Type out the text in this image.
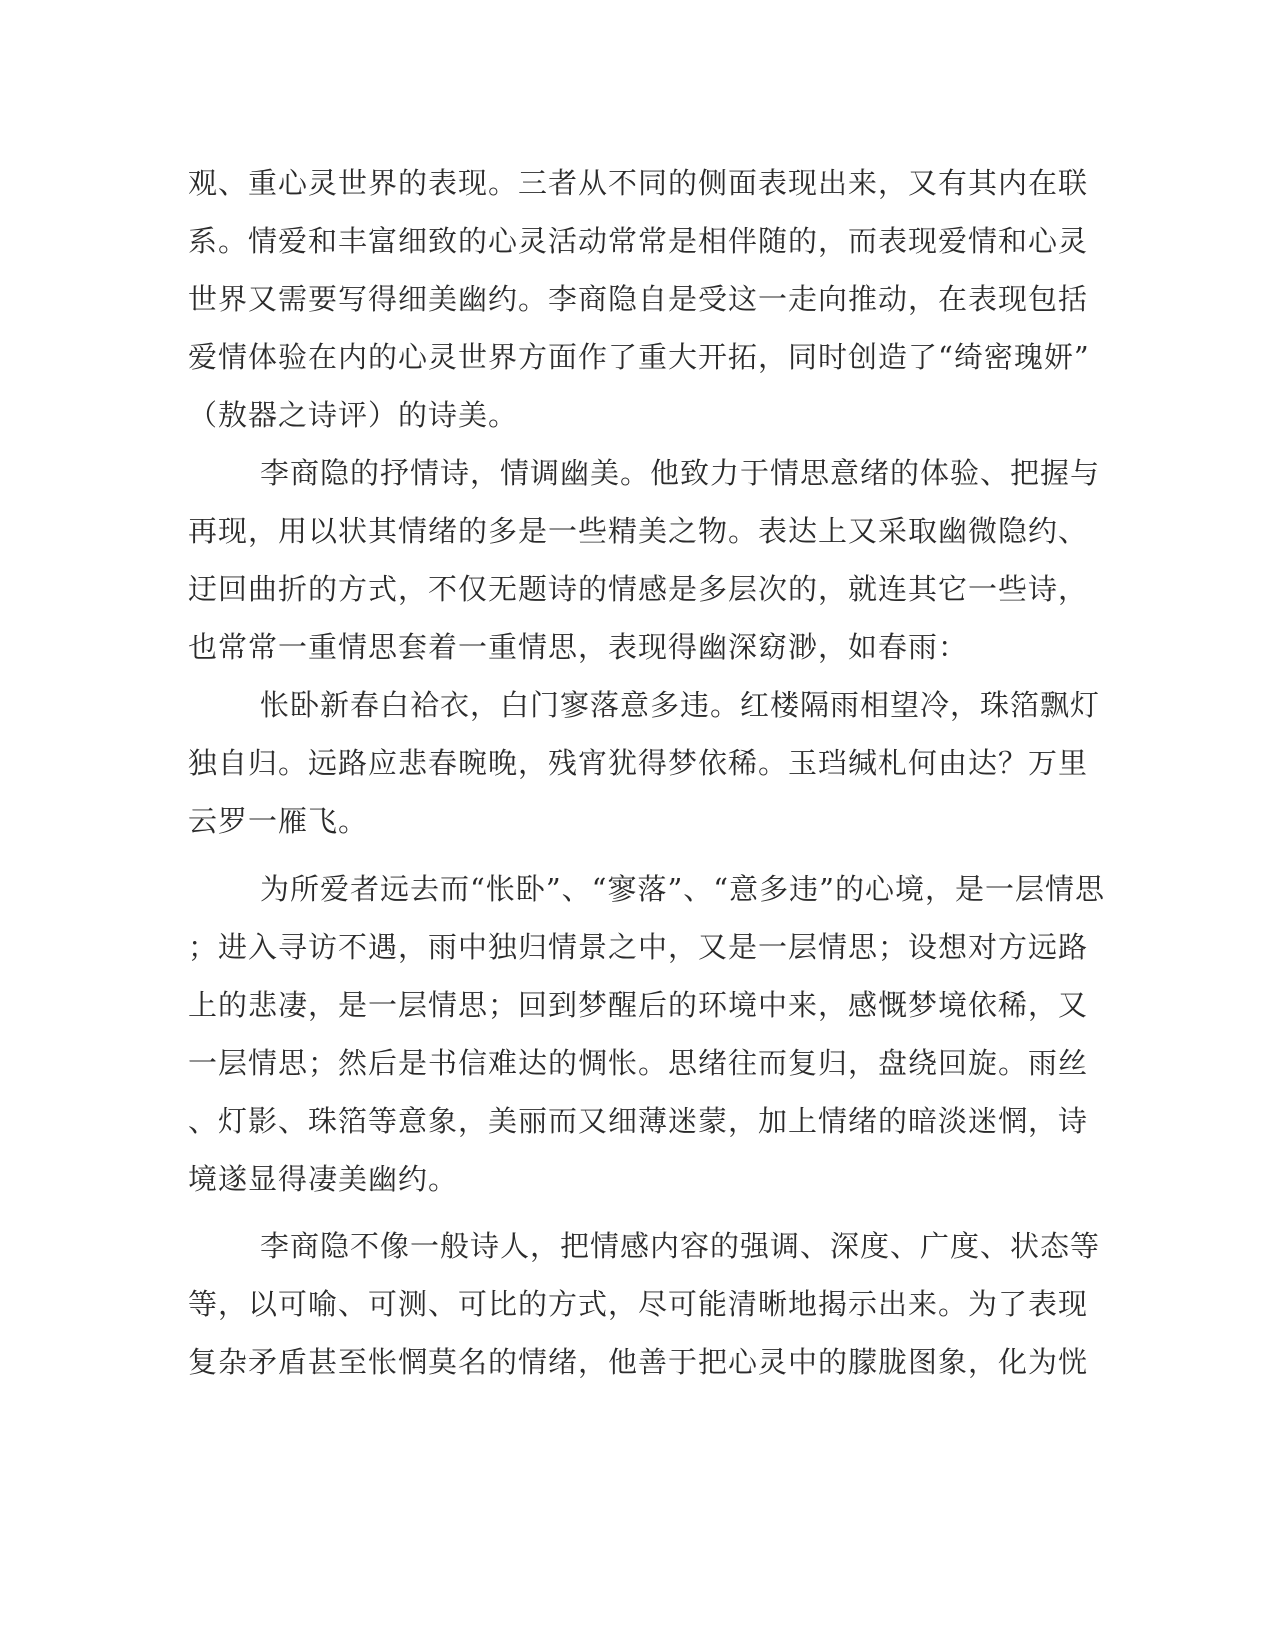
观、重心灵世界的表现。三者从不同的侧面表现出来，又有其内在联
系。情爱和丰富细致的心灵活动常常是相伴随的，而表现爱情和心灵
世界又需要写得细美幽约。李商隐自是受这一走向推动，在表现包括
爱情体验在内的心灵世界方面作了重大开拓，同时创造了“绮密瑰妍”
（敖器之诗评）的诗美。
李商隐的抒情诗，情调幽美。他致力于情思意绪的体验、把握与
再现，用以状其情绪的多是一些精美之物。表达上又采取幽微隐约、
迂回曲折的方式，不仅无题诗的情感是多层次的，就连其它一些诗，
也常常一重情思套着一重情思，表现得幽深窈渺，如春雨：
怅卧新春白袷衣，白门寥落意多违。红楼隔雨相望冷，珠箔飘灯
独自归。远路应悲春晼晚，残宵犹得梦依稀。玉珰缄札何由达？万里
云罗一雁飞。
为所爱者远去而“怅卧”、“寥落”、“意多违”的心境，是一层情思
；进入寻访不遇，雨中独归情景之中，又是一层情思；设想对方远路
上的悲凄，是一层情思；回到梦醒后的环境中来，感慨梦境依稀，又
一层情思；然后是书信难达的惆怅。思绪往而复归，盘绕回旋。雨丝
、灯影、珠箔等意象，美丽而又细薄迷蒙，加上情绪的暗淡迷惘，诗
境遂显得凄美幽约。
李商隐不像一般诗人，把情感内容的强调、深度、广度、状态等
等，以可喻、可测、可比的方式，尽可能清晰地揭示出来。为了表现
复杂矛盾甚至怅惘莫名的情绪，他善于把心灵中的朦胧图象，化为恍
